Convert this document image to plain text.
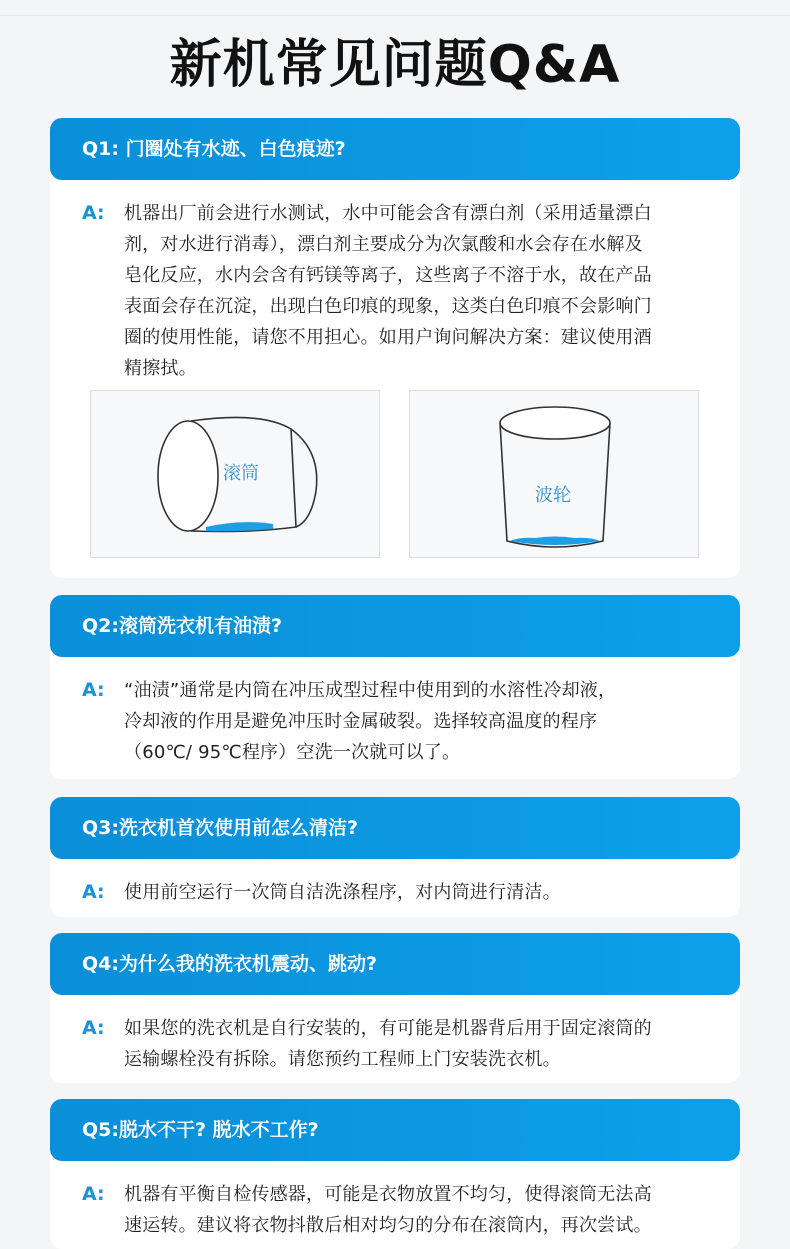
新机常见问题Q&A
Q1: 门圈处有水迹、白色痕迹?
A: 机器出厂前会进行水测试，水中可能会含有漂白剂（采用适量漂白
剂，对水进行消毒），漂白剂主要成分为次氯酸和水会存在水解及
皂化反应，水内会含有钙镁等离子，这些离子不溶于水，故在产品
表面会存在沉淀，出现白色印痕的现象，这类白色印痕不会影响门
圈的使用性能，请您不用担心。如用户询问解决方案：建议使用酒
精擦拭。
滚筒
波轮
Q2:滚筒洗衣机有油渍?
A: “油渍”通常是内筒在冲压成型过程中使用到的水溶性冷却液，
冷却液的作用是避免冲压时金属破裂。选择较高温度的程序
（60℃/ 95℃程序）空洗一次就可以了。
Q3:洗衣机首次使用前怎么清洁?
A: 使用前空运行一次筒自洁洗涤程序，对内筒进行清洁。
Q4:为什么我的洗衣机震动、跳动?
A: 如果您的洗衣机是自行安装的，有可能是机器背后用于固定滚筒的
运输螺栓没有拆除。请您预约工程师上门安装洗衣机。
Q5:脱水不干? 脱水不工作?
A: 机器有平衡自检传感器，可能是衣物放置不均匀，使得滚筒无法高
速运转。建议将衣物抖散后相对均匀的分布在滚筒内，再次尝试。
